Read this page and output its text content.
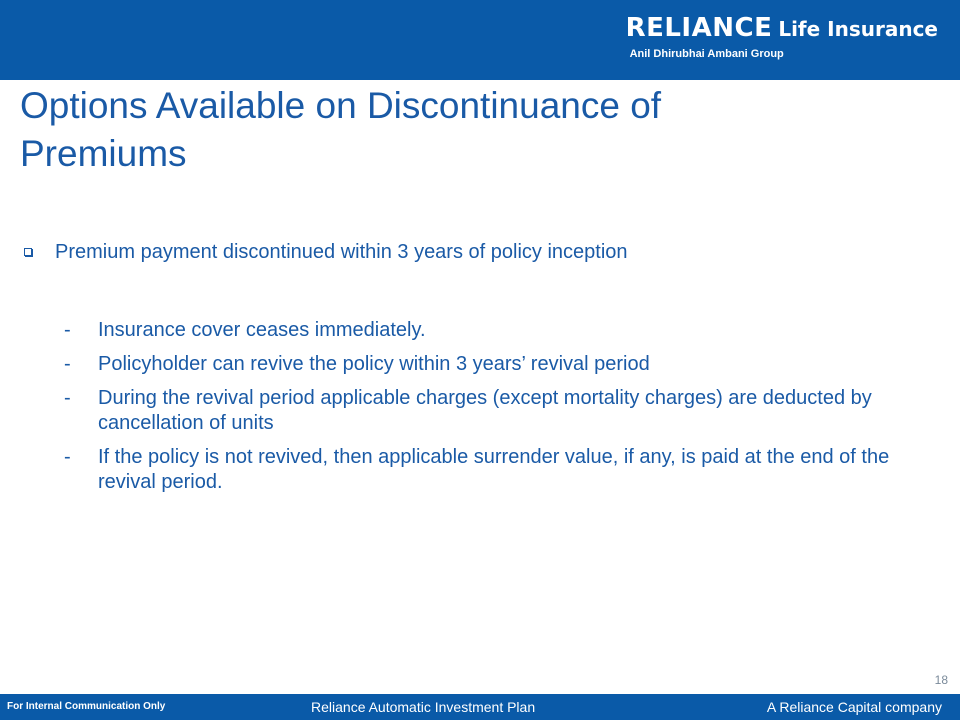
RELIANCE Life Insurance
Anil Dhirubhai Ambani Group
Options Available on Discontinuance of Premiums
Premium payment discontinued within 3 years of policy inception
- Insurance cover ceases immediately.
- Policyholder can revive the policy within 3 years’ revival period
- During the revival period applicable charges (except mortality charges) are deducted by cancellation of units
- If the policy is not revived, then applicable surrender value, if any, is paid at the end of the revival period.
18
For Internal Communication Only	Reliance Automatic Investment Plan	A Reliance Capital company
